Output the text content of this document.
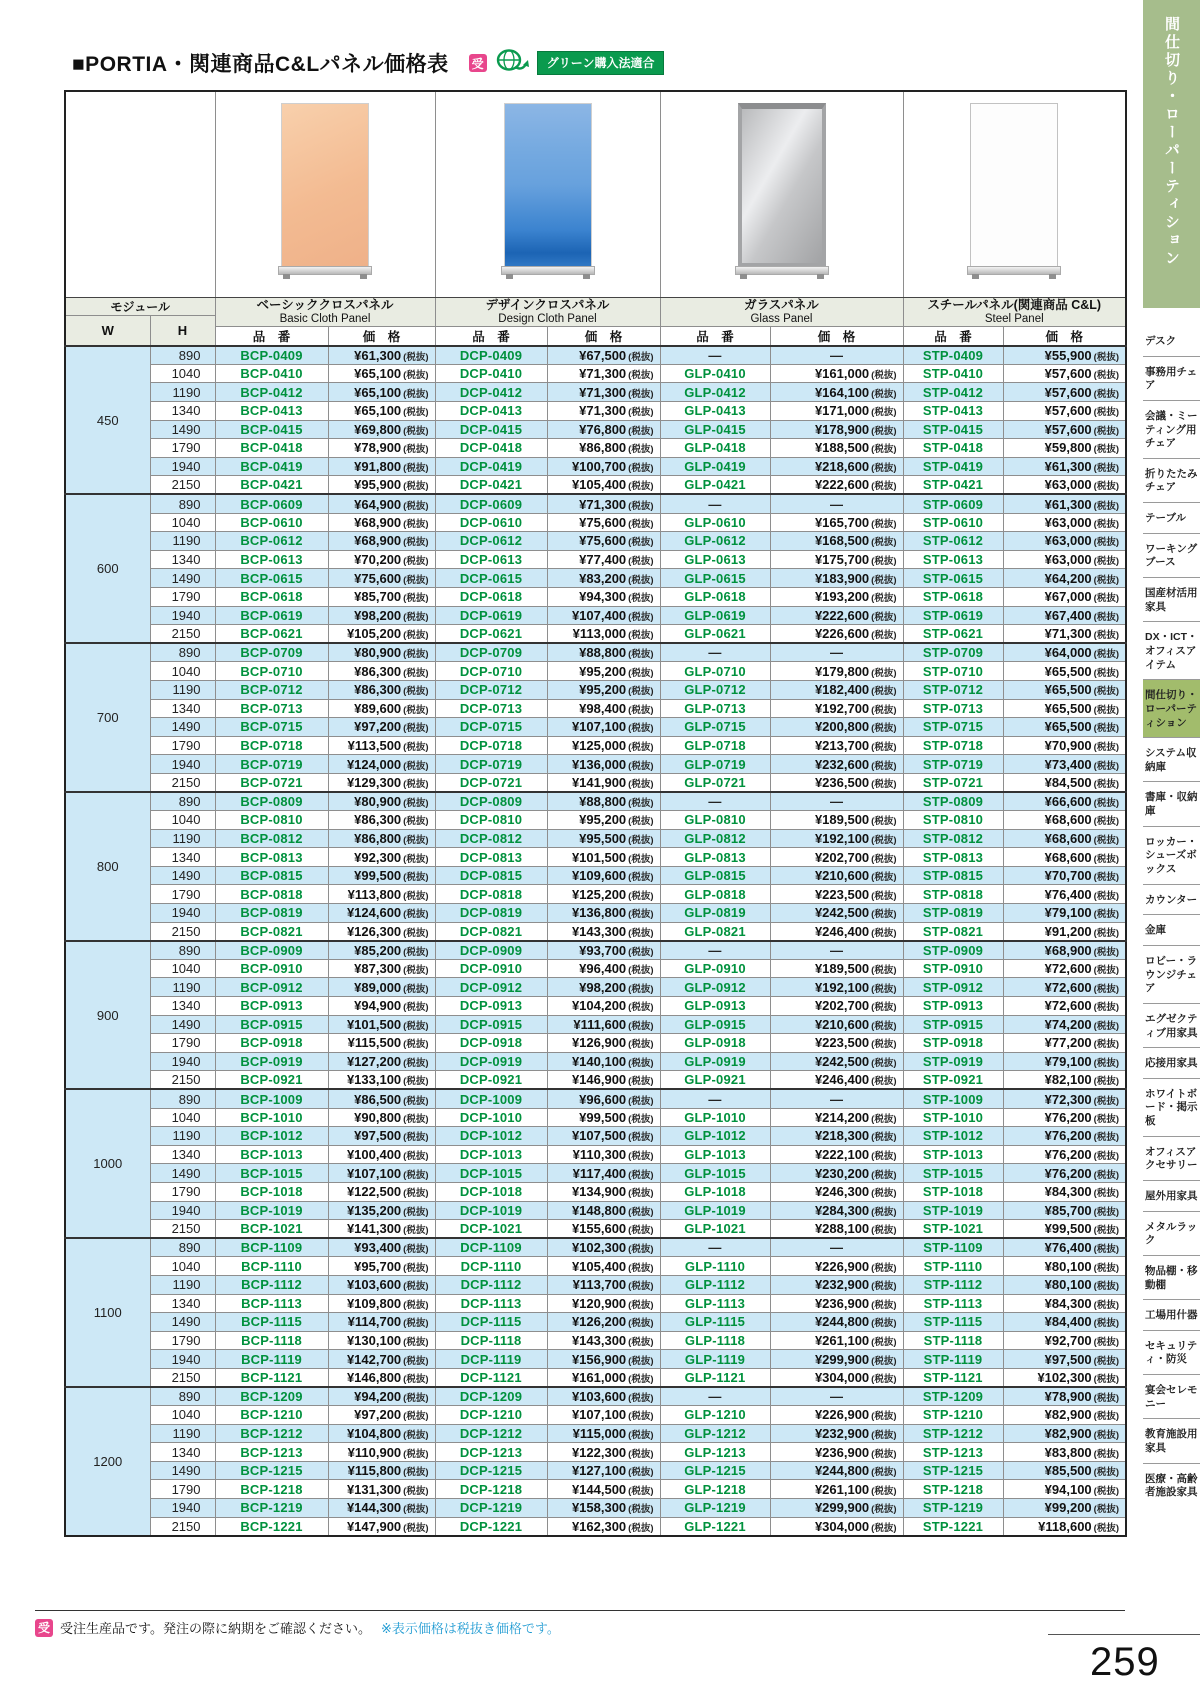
■PORTIA・関連商品C&Lパネル価格表 受	グリーン購入法適合

モジュール		ベーシッククロスパネル
Basic Cloth Panel		デザインクロスパネル
Design Cloth Panel		ガラスパネル
Glass Panel		スチールパネル(関連商品 C&L)
Steel Panel	

W	H								
		品　番	価　格	品　番	価　格	品　番	価　格	品　番	価　格
450	890	BCP-0409	¥61,300 (税抜)	DCP-0409	¥67,500 (税抜)	—	—	STP-0409	¥55,900 (税抜)
	1040	BCP-0410	¥65,100 (税抜)	DCP-0410	¥71,300 (税抜)	GLP-0410	¥161,000 (税抜)	STP-0410	¥57,600 (税抜)
	1190	BCP-0412	¥65,100 (税抜)	DCP-0412	¥71,300 (税抜)	GLP-0412	¥164,100 (税抜)	STP-0412	¥57,600 (税抜)
	1340	BCP-0413	¥65,100 (税抜)	DCP-0413	¥71,300 (税抜)	GLP-0413	¥171,000 (税抜)	STP-0413	¥57,600 (税抜)
	1490	BCP-0415	¥69,800 (税抜)	DCP-0415	¥76,800 (税抜)	GLP-0415	¥178,900 (税抜)	STP-0415	¥57,600 (税抜)
	1790	BCP-0418	¥78,900 (税抜)	DCP-0418	¥86,800 (税抜)	GLP-0418	¥188,500 (税抜)	STP-0418	¥59,800 (税抜)
	1940	BCP-0419	¥91,800 (税抜)	DCP-0419	¥100,700 (税抜)	GLP-0419	¥218,600 (税抜)	STP-0419	¥61,300 (税抜)
	2150	BCP-0421	¥95,900 (税抜)	DCP-0421	¥105,400 (税抜)	GLP-0421	¥222,600 (税抜)	STP-0421	¥63,000 (税抜)
600	890	BCP-0609	¥64,900 (税抜)	DCP-0609	¥71,300 (税抜)	—	—	STP-0609	¥61,300 (税抜)
	1040	BCP-0610	¥68,900 (税抜)	DCP-0610	¥75,600 (税抜)	GLP-0610	¥165,700 (税抜)	STP-0610	¥63,000 (税抜)
	1190	BCP-0612	¥68,900 (税抜)	DCP-0612	¥75,600 (税抜)	GLP-0612	¥168,500 (税抜)	STP-0612	¥63,000 (税抜)
	1340	BCP-0613	¥70,200 (税抜)	DCP-0613	¥77,400 (税抜)	GLP-0613	¥175,700 (税抜)	STP-0613	¥63,000 (税抜)
	1490	BCP-0615	¥75,600 (税抜)	DCP-0615	¥83,200 (税抜)	GLP-0615	¥183,900 (税抜)	STP-0615	¥64,200 (税抜)
	1790	BCP-0618	¥85,700 (税抜)	DCP-0618	¥94,300 (税抜)	GLP-0618	¥193,200 (税抜)	STP-0618	¥67,000 (税抜)
	1940	BCP-0619	¥98,200 (税抜)	DCP-0619	¥107,400 (税抜)	GLP-0619	¥222,600 (税抜)	STP-0619	¥67,400 (税抜)
	2150	BCP-0621	¥105,200 (税抜)	DCP-0621	¥113,000 (税抜)	GLP-0621	¥226,600 (税抜)	STP-0621	¥71,300 (税抜)
700	890	BCP-0709	¥80,900 (税抜)	DCP-0709	¥88,800 (税抜)	—	—	STP-0709	¥64,000 (税抜)
	1040	BCP-0710	¥86,300 (税抜)	DCP-0710	¥95,200 (税抜)	GLP-0710	¥179,800 (税抜)	STP-0710	¥65,500 (税抜)
	1190	BCP-0712	¥86,300 (税抜)	DCP-0712	¥95,200 (税抜)	GLP-0712	¥182,400 (税抜)	STP-0712	¥65,500 (税抜)
	1340	BCP-0713	¥89,600 (税抜)	DCP-0713	¥98,400 (税抜)	GLP-0713	¥192,700 (税抜)	STP-0713	¥65,500 (税抜)
	1490	BCP-0715	¥97,200 (税抜)	DCP-0715	¥107,100 (税抜)	GLP-0715	¥200,800 (税抜)	STP-0715	¥65,500 (税抜)
	1790	BCP-0718	¥113,500 (税抜)	DCP-0718	¥125,000 (税抜)	GLP-0718	¥213,700 (税抜)	STP-0718	¥70,900 (税抜)
	1940	BCP-0719	¥124,000 (税抜)	DCP-0719	¥136,000 (税抜)	GLP-0719	¥232,600 (税抜)	STP-0719	¥73,400 (税抜)
	2150	BCP-0721	¥129,300 (税抜)	DCP-0721	¥141,900 (税抜)	GLP-0721	¥236,500 (税抜)	STP-0721	¥84,500 (税抜)
800	890	BCP-0809	¥80,900 (税抜)	DCP-0809	¥88,800 (税抜)	—	—	STP-0809	¥66,600 (税抜)
	1040	BCP-0810	¥86,300 (税抜)	DCP-0810	¥95,200 (税抜)	GLP-0810	¥189,500 (税抜)	STP-0810	¥68,600 (税抜)
	1190	BCP-0812	¥86,800 (税抜)	DCP-0812	¥95,500 (税抜)	GLP-0812	¥192,100 (税抜)	STP-0812	¥68,600 (税抜)
	1340	BCP-0813	¥92,300 (税抜)	DCP-0813	¥101,500 (税抜)	GLP-0813	¥202,700 (税抜)	STP-0813	¥68,600 (税抜)
	1490	BCP-0815	¥99,500 (税抜)	DCP-0815	¥109,600 (税抜)	GLP-0815	¥210,600 (税抜)	STP-0815	¥70,700 (税抜)
	1790	BCP-0818	¥113,800 (税抜)	DCP-0818	¥125,200 (税抜)	GLP-0818	¥223,500 (税抜)	STP-0818	¥76,400 (税抜)
	1940	BCP-0819	¥124,600 (税抜)	DCP-0819	¥136,800 (税抜)	GLP-0819	¥242,500 (税抜)	STP-0819	¥79,100 (税抜)
	2150	BCP-0821	¥126,300 (税抜)	DCP-0821	¥143,300 (税抜)	GLP-0821	¥246,400 (税抜)	STP-0821	¥91,200 (税抜)
900	890	BCP-0909	¥85,200 (税抜)	DCP-0909	¥93,700 (税抜)	—	—	STP-0909	¥68,900 (税抜)
	1040	BCP-0910	¥87,300 (税抜)	DCP-0910	¥96,400 (税抜)	GLP-0910	¥189,500 (税抜)	STP-0910	¥72,600 (税抜)
	1190	BCP-0912	¥89,000 (税抜)	DCP-0912	¥98,200 (税抜)	GLP-0912	¥192,100 (税抜)	STP-0912	¥72,600 (税抜)
	1340	BCP-0913	¥94,900 (税抜)	DCP-0913	¥104,200 (税抜)	GLP-0913	¥202,700 (税抜)	STP-0913	¥72,600 (税抜)
	1490	BCP-0915	¥101,500 (税抜)	DCP-0915	¥111,600 (税抜)	GLP-0915	¥210,600 (税抜)	STP-0915	¥74,200 (税抜)
	1790	BCP-0918	¥115,500 (税抜)	DCP-0918	¥126,900 (税抜)	GLP-0918	¥223,500 (税抜)	STP-0918	¥77,200 (税抜)
	1940	BCP-0919	¥127,200 (税抜)	DCP-0919	¥140,100 (税抜)	GLP-0919	¥242,500 (税抜)	STP-0919	¥79,100 (税抜)
	2150	BCP-0921	¥133,100 (税抜)	DCP-0921	¥146,900 (税抜)	GLP-0921	¥246,400 (税抜)	STP-0921	¥82,100 (税抜)
1000	890	BCP-1009	¥86,500 (税抜)	DCP-1009	¥96,600 (税抜)	—	—	STP-1009	¥72,300 (税抜)
	1040	BCP-1010	¥90,800 (税抜)	DCP-1010	¥99,500 (税抜)	GLP-1010	¥214,200 (税抜)	STP-1010	¥76,200 (税抜)
	1190	BCP-1012	¥97,500 (税抜)	DCP-1012	¥107,500 (税抜)	GLP-1012	¥218,300 (税抜)	STP-1012	¥76,200 (税抜)
	1340	BCP-1013	¥100,400 (税抜)	DCP-1013	¥110,300 (税抜)	GLP-1013	¥222,100 (税抜)	STP-1013	¥76,200 (税抜)
	1490	BCP-1015	¥107,100 (税抜)	DCP-1015	¥117,400 (税抜)	GLP-1015	¥230,200 (税抜)	STP-1015	¥76,200 (税抜)
	1790	BCP-1018	¥122,500 (税抜)	DCP-1018	¥134,900 (税抜)	GLP-1018	¥246,300 (税抜)	STP-1018	¥84,300 (税抜)
	1940	BCP-1019	¥135,200 (税抜)	DCP-1019	¥148,800 (税抜)	GLP-1019	¥284,300 (税抜)	STP-1019	¥85,700 (税抜)
	2150	BCP-1021	¥141,300 (税抜)	DCP-1021	¥155,600 (税抜)	GLP-1021	¥288,100 (税抜)	STP-1021	¥99,500 (税抜)
1100	890	BCP-1109	¥93,400 (税抜)	DCP-1109	¥102,300 (税抜)	—	—	STP-1109	¥76,400 (税抜)
	1040	BCP-1110	¥95,700 (税抜)	DCP-1110	¥105,400 (税抜)	GLP-1110	¥226,900 (税抜)	STP-1110	¥80,100 (税抜)
	1190	BCP-1112	¥103,600 (税抜)	DCP-1112	¥113,700 (税抜)	GLP-1112	¥232,900 (税抜)	STP-1112	¥80,100 (税抜)
	1340	BCP-1113	¥109,800 (税抜)	DCP-1113	¥120,900 (税抜)	GLP-1113	¥236,900 (税抜)	STP-1113	¥84,300 (税抜)
	1490	BCP-1115	¥114,700 (税抜)	DCP-1115	¥126,200 (税抜)	GLP-1115	¥244,800 (税抜)	STP-1115	¥84,400 (税抜)
	1790	BCP-1118	¥130,100 (税抜)	DCP-1118	¥143,300 (税抜)	GLP-1118	¥261,100 (税抜)	STP-1118	¥92,700 (税抜)
	1940	BCP-1119	¥142,700 (税抜)	DCP-1119	¥156,900 (税抜)	GLP-1119	¥299,900 (税抜)	STP-1119	¥97,500 (税抜)
	2150	BCP-1121	¥146,800 (税抜)	DCP-1121	¥161,000 (税抜)	GLP-1121	¥304,000 (税抜)	STP-1121	¥102,300 (税抜)
1200	890	BCP-1209	¥94,200 (税抜)	DCP-1209	¥103,600 (税抜)	—	—	STP-1209	¥78,900 (税抜)
	1040	BCP-1210	¥97,200 (税抜)	DCP-1210	¥107,100 (税抜)	GLP-1210	¥226,900 (税抜)	STP-1210	¥82,900 (税抜)
	1190	BCP-1212	¥104,800 (税抜)	DCP-1212	¥115,000 (税抜)	GLP-1212	¥232,900 (税抜)	STP-1212	¥82,900 (税抜)
	1340	BCP-1213	¥110,900 (税抜)	DCP-1213	¥122,300 (税抜)	GLP-1213	¥236,900 (税抜)	STP-1213	¥83,800 (税抜)
	1490	BCP-1215	¥115,800 (税抜)	DCP-1215	¥127,100 (税抜)	GLP-1215	¥244,800 (税抜)	STP-1215	¥85,500 (税抜)
	1790	BCP-1218	¥131,300 (税抜)	DCP-1218	¥144,500 (税抜)	GLP-1218	¥261,100 (税抜)	STP-1218	¥94,100 (税抜)
	1940	BCP-1219	¥144,300 (税抜)	DCP-1219	¥158,300 (税抜)	GLP-1219	¥299,900 (税抜)	STP-1219	¥99,200 (税抜)
	2150	BCP-1221	¥147,900 (税抜)	DCP-1221	¥162,300 (税抜)	GLP-1221	¥304,000 (税抜)	STP-1221	¥118,600 (税抜)
間仕切り・ローパーティション
デスク
事務用チェア
会議・ミーティング用チェア
折りたたみチェア
テーブル
ワーキングブース
国産材活用家具
DX・ICT・オフィスアイテム
間仕切り・ローパーティション
システム収納庫
書庫・収納庫
ロッカー・シューズボックス
カウンター
金庫
ロビー・ラウンジチェア
エグゼクティブ用家具
応接用家具
ホワイトボード・掲示板
オフィスアクセサリー
屋外用家具
メタルラック
物品棚・移動棚
工場用什器
セキュリティ・防災
宴会セレモニー
教育施設用家具
医療・高齢者施設家具
受 受注生産品です。発注の際に納期をご確認ください。 ※表示価格は税抜き価格です。
259
